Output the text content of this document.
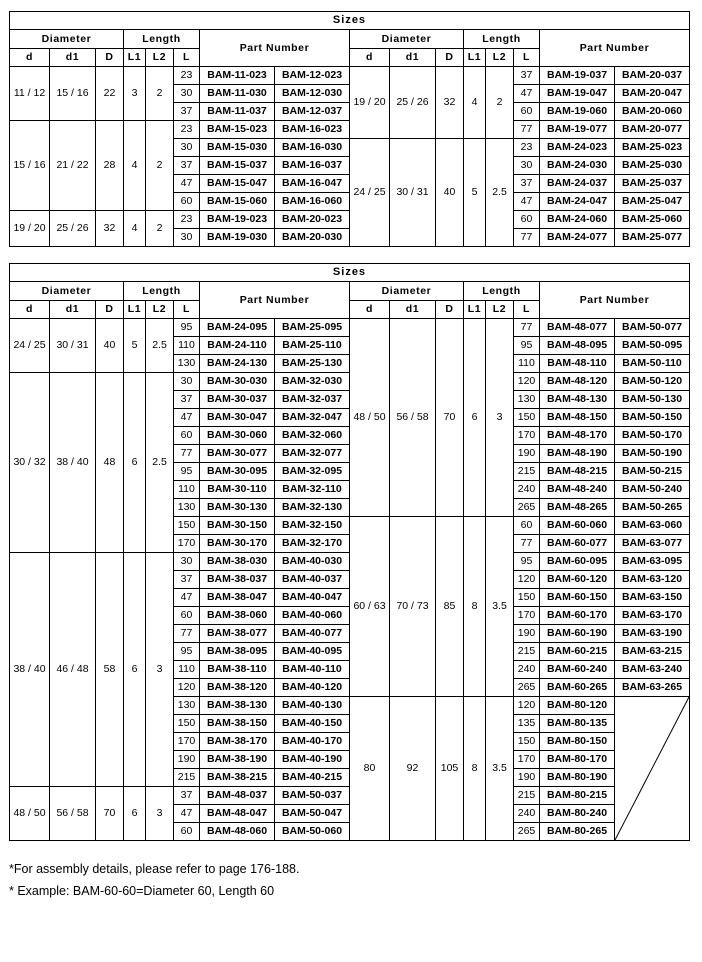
Sizes															
Diameter			Length			Part Number		Diameter			Length			Part Number	
d	d1	D	L1	L2	L			d	d1	D	L1	L2	L		
11 / 12	15 / 16	22	3	2	23	BAM-11-023	BAM-12-023	19 / 20	25 / 26	32	4	2	37	BAM-19-037	BAM-20-037
					30	BAM-11-030	BAM-12-030						47	BAM-19-047	BAM-20-047
					37	BAM-11-037	BAM-12-037						60	BAM-19-060	BAM-20-060
15 / 16	21 / 22	28	4	2	23	BAM-15-023	BAM-16-023						77	BAM-19-077	BAM-20-077
					30	BAM-15-030	BAM-16-030	24 / 25	30 / 31	40	5	2.5	23	BAM-24-023	BAM-25-023
					37	BAM-15-037	BAM-16-037						30	BAM-24-030	BAM-25-030
					47	BAM-15-047	BAM-16-047						37	BAM-24-037	BAM-25-037
					60	BAM-15-060	BAM-16-060						47	BAM-24-047	BAM-25-047
19 / 20	25 / 26	32	4	2	23	BAM-19-023	BAM-20-023						60	BAM-24-060	BAM-25-060
					30	BAM-19-030	BAM-20-030						77	BAM-24-077	BAM-25-077
Sizes															
Diameter			Length			Part Number		Diameter			Length			Part Number	
d	d1	D	L1	L2	L			d	d1	D	L1	L2	L		
24 / 25	30 / 31	40	5	2.5	95	BAM-24-095	BAM-25-095	48 / 50	56 / 58	70	6	3	77	BAM-48-077	BAM-50-077
					110	BAM-24-110	BAM-25-110						95	BAM-48-095	BAM-50-095
					130	BAM-24-130	BAM-25-130						110	BAM-48-110	BAM-50-110
30 / 32	38 / 40	48	6	2.5	30	BAM-30-030	BAM-32-030						120	BAM-48-120	BAM-50-120
					37	BAM-30-037	BAM-32-037						130	BAM-48-130	BAM-50-130
					47	BAM-30-047	BAM-32-047						150	BAM-48-150	BAM-50-150
					60	BAM-30-060	BAM-32-060						170	BAM-48-170	BAM-50-170
					77	BAM-30-077	BAM-32-077						190	BAM-48-190	BAM-50-190
					95	BAM-30-095	BAM-32-095						215	BAM-48-215	BAM-50-215
					110	BAM-30-110	BAM-32-110						240	BAM-48-240	BAM-50-240
					130	BAM-30-130	BAM-32-130						265	BAM-48-265	BAM-50-265
					150	BAM-30-150	BAM-32-150	60 / 63	70 / 73	85	8	3.5	60	BAM-60-060	BAM-63-060
					170	BAM-30-170	BAM-32-170						77	BAM-60-077	BAM-63-077
38 / 40	46 / 48	58	6	3	30	BAM-38-030	BAM-40-030						95	BAM-60-095	BAM-63-095
					37	BAM-38-037	BAM-40-037						120	BAM-60-120	BAM-63-120
					47	BAM-38-047	BAM-40-047						150	BAM-60-150	BAM-63-150
					60	BAM-38-060	BAM-40-060						170	BAM-60-170	BAM-63-170
					77	BAM-38-077	BAM-40-077						190	BAM-60-190	BAM-63-190
					95	BAM-38-095	BAM-40-095						215	BAM-60-215	BAM-63-215
					110	BAM-38-110	BAM-40-110						240	BAM-60-240	BAM-63-240
					120	BAM-38-120	BAM-40-120						265	BAM-60-265	BAM-63-265
					130	BAM-38-130	BAM-40-130	80	92	105	8	3.5	120	BAM-80-120	

					150	BAM-38-150	BAM-40-150						135	BAM-80-135	
					170	BAM-38-170	BAM-40-170						150	BAM-80-150	
					190	BAM-38-190	BAM-40-190						170	BAM-80-170	
					215	BAM-38-215	BAM-40-215						190	BAM-80-190	
48 / 50	56 / 58	70	6	3	37	BAM-48-037	BAM-50-037						215	BAM-80-215	
					47	BAM-48-047	BAM-50-047						240	BAM-80-240	
					60	BAM-48-060	BAM-50-060						265	BAM-80-265	
*For assembly details, please refer to page 176-188.
* Example: BAM-60-60=Diameter 60, Length 60
